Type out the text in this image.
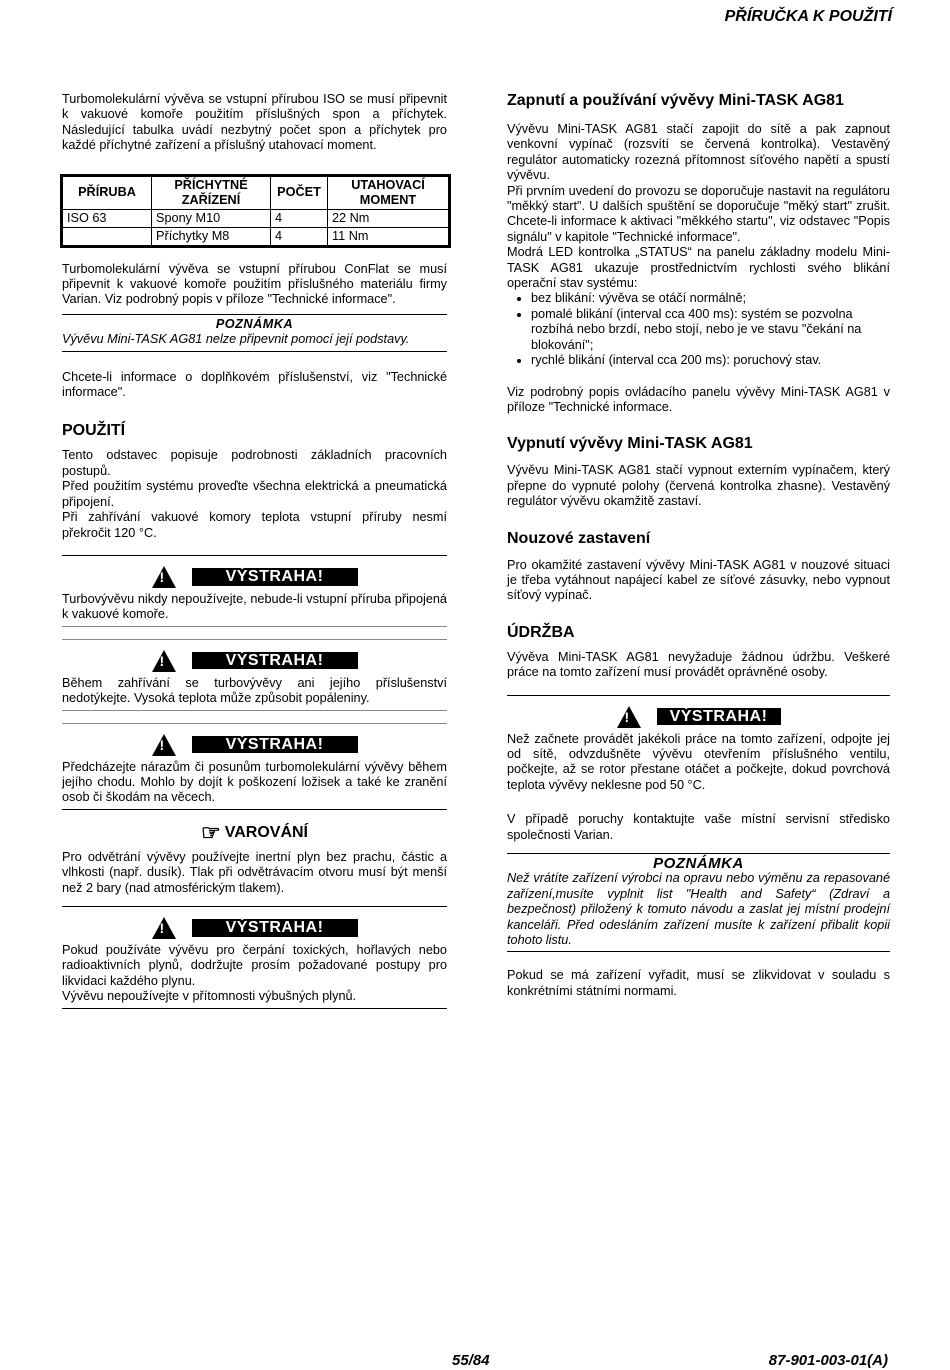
PŘÍRUČKA K POUŽITÍ

Turbomolekulární vývěva se vstupní přírubou ISO se musí připevnit k vakuové komoře použitím příslušných spon a příchytek. Následující tabulka uvádí nezbytný počet spon a příchytek pro každé příchytné zařízení a příslušný utahovací moment.

PŘÍRUBA	PŘÍCHYTNÉ ZAŘÍZENÍ	POČET	UTAHOVACÍ MOMENT
ISO 63	Spony M10	4	22 Nm
	Příchytky M8	4	11 Nm

Turbomolekulární vývěva se vstupní přírubou ConFlat se musí připevnit k vakuové komoře použitím příslušného materiálu firmy Varian. Viz podrobný popis v příloze "Technické informace".

POZNÁMKA

Vývěvu Mini-TASK AG81 nelze připevnit pomocí její podstavy.

Chcete-li informace o doplňkovém příslušenství, viz "Technické informace".

POUŽITÍ

Tento odstavec popisuje podrobnosti základních pracovních postupů.

Před použitím systému proveďte všechna elektrická a pneumatická připojení.

Při zahřívání vakuové komory teplota vstupní příruby nesmí překročit 120 °C.

!	VÝSTRAHA!

Turbovývěvu nikdy nepoužívejte, nebude-li vstupní příruba připojená k vakuové komoře.

!	VÝSTRAHA!

Během zahřívání se turbovývěvy ani jejího příslušenství nedotýkejte. Vysoká teplota může způsobit popáleniny.

!	VÝSTRAHA!

Předcházejte nárazům či posunům turbomolekulární vývěvy během jejího chodu. Mohlo by dojít k poškození ložisek a také ke zranění osob či škodám na věcech.

☞ VAROVÁNÍ

Pro odvětrání vývěvy používejte inertní plyn bez prachu, částic a vlhkosti (např. dusík). Tlak při odvětrávacím otvoru musí být menší než 2 bary (nad atmosférickým tlakem).

!	VÝSTRAHA!

Pokud používáte vývěvu pro čerpání toxických, hořlavých nebo radioaktivních plynů, dodržujte prosím požadované postupy pro likvidaci každého plynu.

Vývěvu nepoužívejte v přítomnosti výbušných plynů.

Zapnutí a používání vývěvy Mini-TASK AG81

Vývěvu Mini-TASK AG81 stačí zapojit do sítě a pak zapnout venkovní vypínač (rozsvítí se červená kontrolka). Vestavěný regulátor automaticky rozezná přítomnost síťového napětí a spustí vývěvu.

Při prvním uvedení do provozu se doporučuje nastavit na regulátoru "měkký start". U dalších spuštění se doporučuje "měký start" zrušit. Chcete-li informace k aktivaci "měkkého startu", viz odstavec "Popis signálu" v kapitole "Technické informace".

Modrá LED kontrolka „STATUS“ na panelu základny modelu Mini-TASK AG81 ukazuje prostřednictvím rychlosti svého blikání operační stav systému:

• bez blikání: vývěva se otáčí normálně;
• pomalé blikání (interval cca 400 ms): systém se pozvolna rozbíhá nebo brzdí, nebo stojí, nebo je ve stavu "čekání na blokování";
• rychlé blikání (interval cca 200 ms): poruchový stav.

Viz podrobný popis ovládacího panelu vývěvy Mini-TASK AG81 v příloze "Technické informace.

Vypnutí vývěvy Mini-TASK AG81

Vývěvu Mini-TASK AG81 stačí vypnout externím vypínačem, který přepne do vypnuté polohy (červená kontrolka zhasne). Vestavěný regulátor vývěvu okamžitě zastaví.

Nouzové zastavení

Pro okamžité zastavení vývěvy Mini-TASK AG81 v nouzové situaci je třeba vytáhnout napájecí kabel ze síťové zásuvky, nebo vypnout síťový vypínač.

ÚDRŽBA

Vývěva Mini-TASK AG81 nevyžaduje žádnou údržbu. Veškeré práce na tomto zařízení musí provádět oprávněné osoby.

!	VÝSTRAHA!

Než začnete provádět jakékoli práce na tomto zařízení, odpojte jej od sítě, odvzdušněte vývěvu otevřením příslušného ventilu, počkejte, až se rotor přestane otáčet a počkejte, dokud povrchová teplota vývěvy neklesne pod 50 °C.

V případě poruchy kontaktujte vaše místní servisní středisko společnosti Varian.

POZNÁMKA

Než vrátíte zařízení výrobci na opravu nebo výměnu za repasované zařízení,musíte vyplnit list "Health and Safety“ (Zdraví a bezpečnost) přiložený k tomuto návodu a zaslat jej místní prodejní kanceláři. Před odesláním zařízení musíte k zařízení přibalit kopii tohoto listu.

Pokud se má zařízení vyřadit, musí se zlikvidovat v souladu s konkrétními státními normami.

55/84	87-901-003-01(A)
